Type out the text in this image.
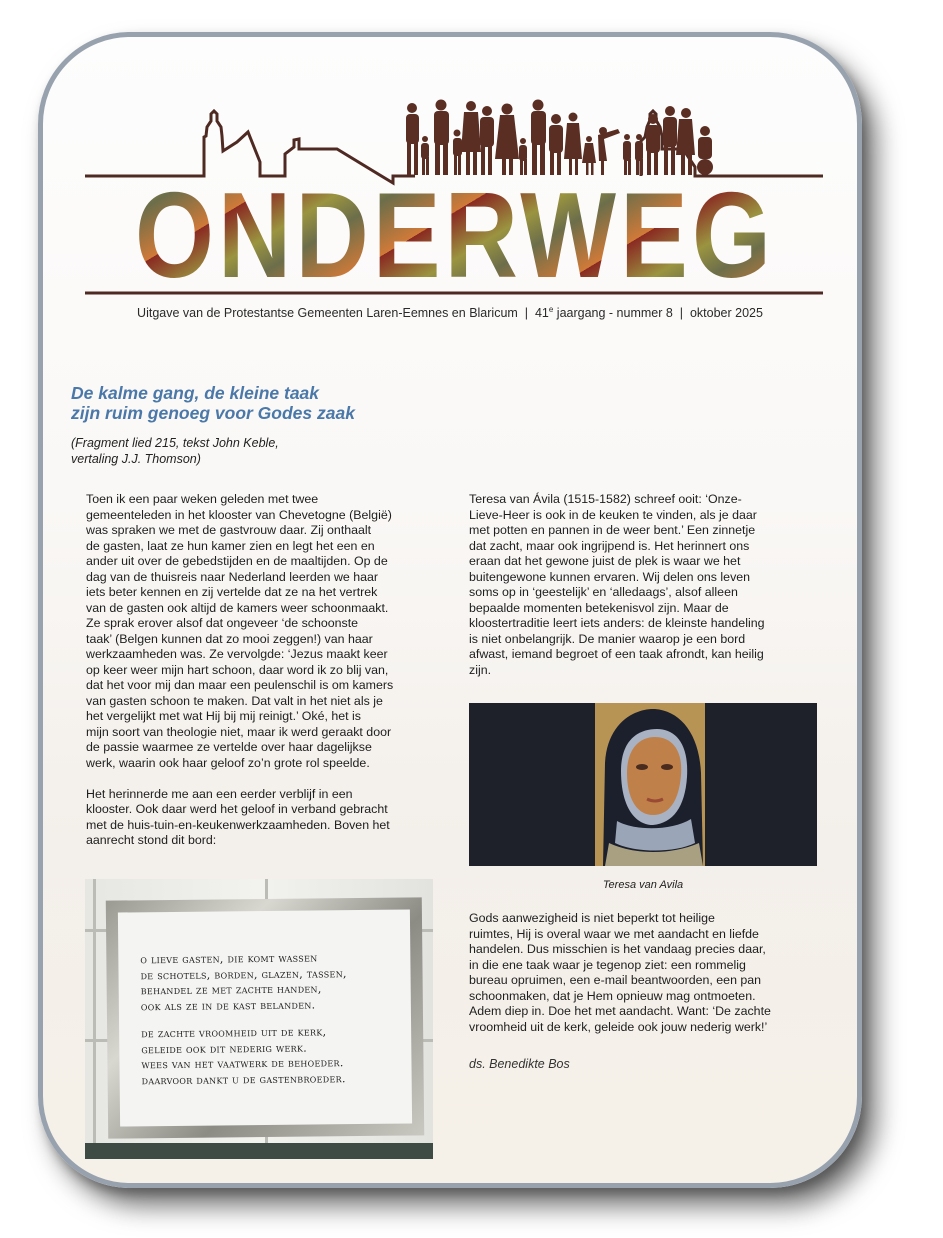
ONDERWEG
Uitgave van de Protestantse Gemeenten Laren-Eemnes en Blaricum  |  41e jaargang - nummer 8  |  oktober 2025
De kalme gang, de kleine taak
zijn ruim genoeg voor Godes zaak
(Fragment lied 215, tekst John Keble,
vertaling J.J. Thomson)

Toen ik een paar weken geleden met twee
gemeenteleden in het klooster van Chevetogne (België)
was spraken we met de gastvrouw daar. Zij onthaalt
de gasten, laat ze hun kamer zien en legt het een en
ander uit over de gebedstijden en de maaltijden. Op de
dag van de thuisreis naar Nederland leerden we haar
iets beter kennen en zij vertelde dat ze na het vertrek
van de gasten ook altijd de kamers weer schoonmaakt.
Ze sprak erover alsof dat ongeveer ‘de schoonste
taak’ (Belgen kunnen dat zo mooi zeggen!) van haar
werkzaamheden was. Ze vervolgde: ‘Jezus maakt keer
op keer weer mijn hart schoon, daar word ik zo blij van,
dat het voor mij dan maar een peulenschil is om kamers
van gasten schoon te maken. Dat valt in het niet als je
het vergelijkt met wat Hij bij mij reinigt.’ Oké, het is
mijn soort van theologie niet, maar ik werd geraakt door
de passie waarmee ze vertelde over haar dagelijkse
werk, waarin ook haar geloof zo’n grote rol speelde.

Het herinnerde me aan een eerder verblijf in een
klooster. Ook daar werd het geloof in verband gebracht
met de huis-tuin-en-keukenwerkzaamheden. Boven het
aanrecht stond dit bord:

o lieve gasten, die komt wassen
de schotels, borden, glazen, tassen,
behandel ze met zachte handen,
ook als ze in de kast belanden.
de zachte vroomheid uit de kerk,
geleide ook dit nederig werk.
wees van het vaatwerk de behoeder.
daarvoor dankt u de gastenbroeder.

Teresa van Ávila (1515-1582) schreef ooit: ‘Onze-
Lieve-Heer is ook in de keuken te vinden, als je daar
met potten en pannen in de weer bent.’ Een zinnetje
dat zacht, maar ook ingrijpend is. Het herinnert ons
eraan dat het gewone juist de plek is waar we het
buitengewone kunnen ervaren. Wij delen ons leven
soms op in ‘geestelijk’ en ‘alledaags’, alsof alleen
bepaalde momenten betekenisvol zijn. Maar de
kloostertraditie leert iets anders: de kleinste handeling
is niet onbelangrijk. De manier waarop je een bord
afwast, iemand begroet of een taak afrondt, kan heilig
zijn.

Teresa van Avila

Gods aanwezigheid is niet beperkt tot heilige
ruimtes, Hij is overal waar we met aandacht en liefde
handelen. Dus misschien is het vandaag precies daar,
in die ene taak waar je tegenop ziet: een rommelig
bureau opruimen, een e-mail beantwoorden, een pan
schoonmaken, dat je Hem opnieuw mag ontmoeten.
Adem diep in. Doe het met aandacht. Want: ‘De zachte
vroomheid uit de kerk, geleide ook jouw nederig werk!’

ds. Benedikte Bos
